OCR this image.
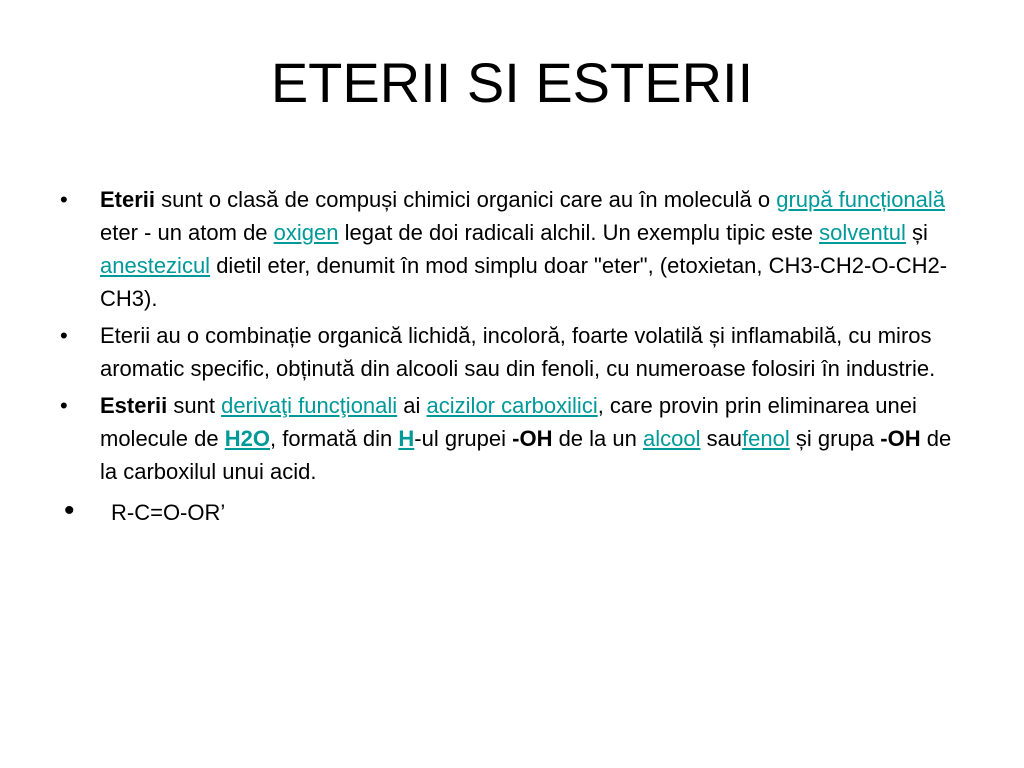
ETERII SI ESTERII
•	Eterii sunt o clasă de compuși chimici organici care au în moleculă o grupă funcțională eter - un atom de oxigen legat de doi radicali alchil. Un exemplu tipic este solventul și anestezicul dietil eter, denumit în mod simplu doar "eter", (etoxietan, CH3-CH2-O-CH2-CH3).
•	Eterii au o combinație organică lichidă, incoloră, foarte volatilă și inflamabilă, cu miros aromatic specific, obținută din alcooli sau din fenoli, cu numeroase folosiri în industrie.
•	Esterii sunt derivaţi funcţionali ai acizilor carboxilici, care provin prin eliminarea unei molecule de H2O, formată din H-ul grupei -OH de la un alcool saufenol și grupa -OH de la carboxilul unui acid.
•	R-C=O-OR’
